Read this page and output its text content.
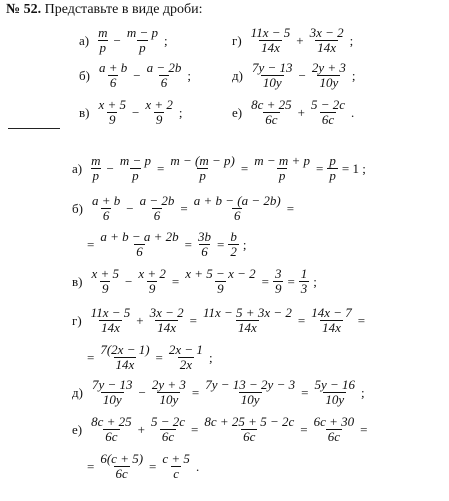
№ 52. Представьте в виде дроби:
$а) \frac{m}{p} - \frac{m - p}{p}$ ;	$г) \frac{11x - 5}{14x} + \frac{3x - 2}{14x}$ ;
$б) \frac{a + b}{6} - \frac{a - 2b}{6}$ ;	$д) \frac{7y - 13}{10y} - \frac{2y + 3}{10y}$ ;
$в) \frac{x + 5}{9} - \frac{x + 2}{9}$ ;	$е) \frac{8c + 25}{6c} + \frac{5 - 2c}{6c}$ .
$а) \frac{m}{p} - \frac{m - p}{p} = \frac{m - (m - p)}{p} = \frac{m - m + p}{p} = \frac{p}{p} = 1$ ;
$б) \frac{a + b}{6} - \frac{a - 2b}{6} = \frac{a + b - (a - 2b)}{6}$ =
= $\frac{a + b - a + 2b}{6} = \frac{3b}{6} = \frac{b}{2}$ ;
$в) \frac{x + 5}{9} - \frac{x + 2}{9} = \frac{x + 5 - x - 2}{9} = \frac{3}{9} = \frac{1}{3}$ ;
$г) \frac{11x - 5}{14x} + \frac{3x - 2}{14x} = \frac{11x - 5 + 3x - 2}{14x} = \frac{14x - 7}{14x}$ =
= $\frac{7(2x - 1)}{14x} = \frac{2x - 1}{2x}$ ;
$д) \frac{7y - 13}{10y} - \frac{2y + 3}{10y} = \frac{7y - 13 - 2y - 3}{10y} = \frac{5y - 16}{10y}$ ;
$е) \frac{8c + 25}{6c} + \frac{5 - 2c}{6c} = \frac{8c + 25 + 5 - 2c}{6c} = \frac{6c + 30}{6c}$ =
= $\frac{6(c + 5)}{6c} = \frac{c + 5}{c}$ .
